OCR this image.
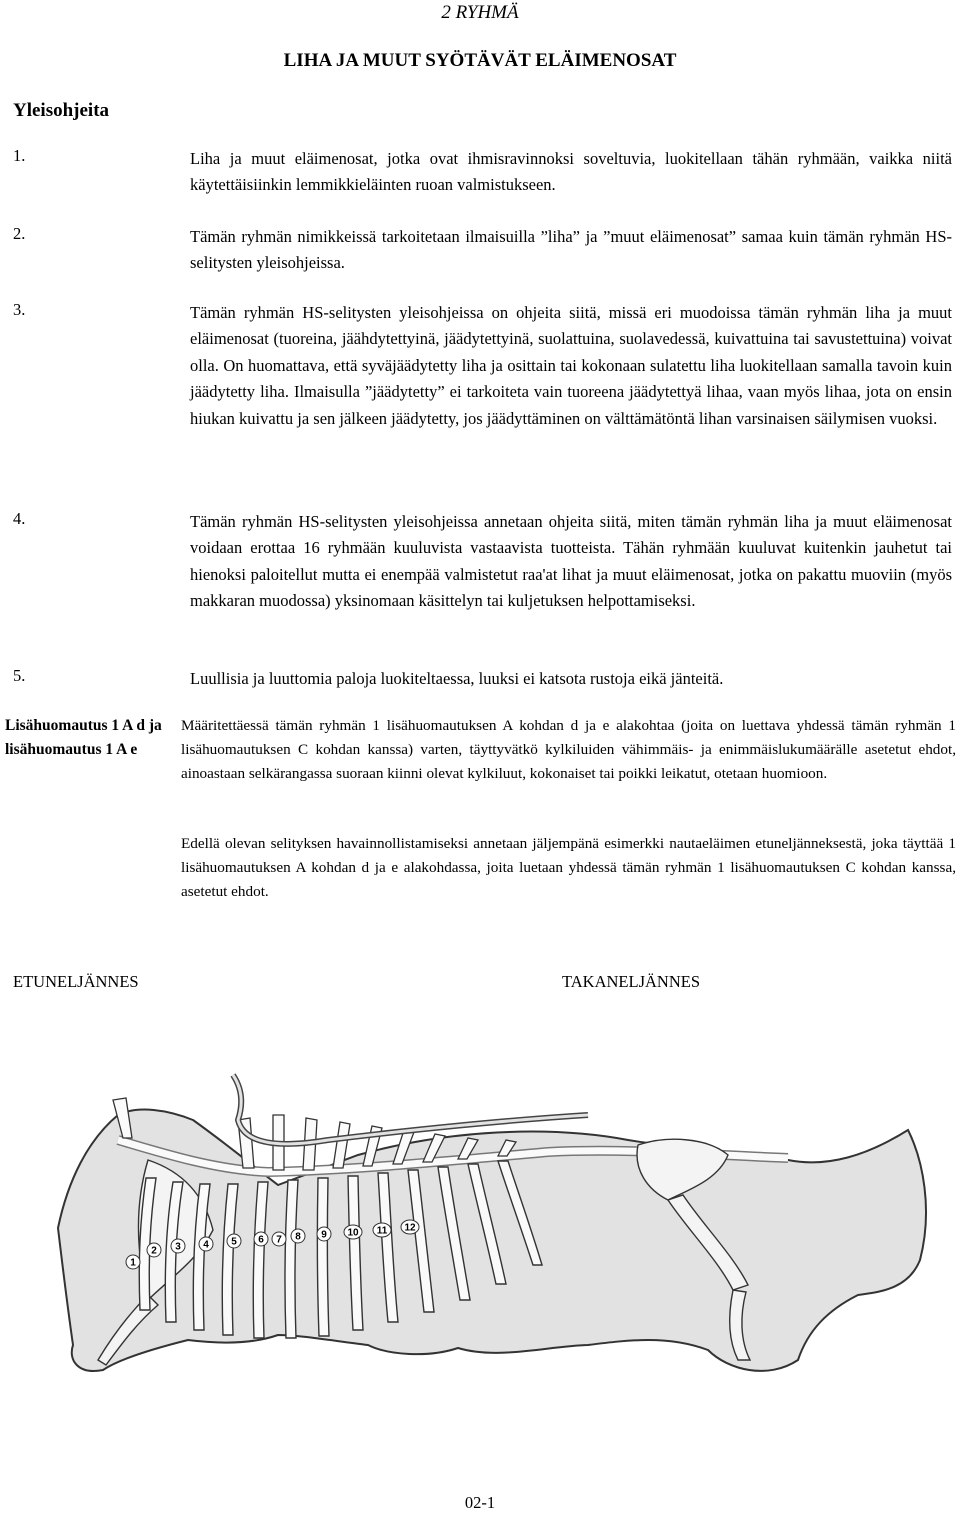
2 RYHMÄ
LIHA JA MUUT SYÖTÄVÄT ELÄIMENOSAT
Yleisohjeita
1.	Liha ja muut eläimenosat, jotka ovat ihmisravinnoksi soveltuvia, luokitellaan tähän ryhmään, vaikka niitä käytettäisiinkin lemmikkieläinten ruoan valmistukseen.
2.	Tämän ryhmän nimikkeissä tarkoitetaan ilmaisuilla ”liha” ja ”muut eläimenosat” samaa kuin tämän ryhmän HS-selitysten yleisohjeissa.
3.	Tämän ryhmän HS-selitysten yleisohjeissa on ohjeita siitä, missä eri muodoissa tämän ryhmän liha ja muut eläimenosat (tuoreina, jäähdytettyinä, jäädytettyinä, suolattuina, suolavedessä, kuivattuina tai savustettuina) voivat olla. On huomattava, että syväjäädytetty liha ja osittain tai kokonaan sulatettu liha luokitellaan samalla tavoin kuin jäädytetty liha. Ilmaisulla ”jäädytetty” ei tarkoiteta vain tuoreena jäädytettyä lihaa, vaan myös lihaa, jota on ensin hiukan kuivattu ja sen jälkeen jäädytetty, jos jäädyttäminen on välttämätöntä lihan varsinaisen säilymisen vuoksi.
4.	Tämän ryhmän HS-selitysten yleisohjeissa annetaan ohjeita siitä, miten tämän ryhmän liha ja muut eläimenosat voidaan erottaa 16 ryhmään kuuluvista vastaavista tuotteista. Tähän ryhmään kuuluvat kuitenkin jauhetut tai hienoksi paloitellut mutta ei enempää valmistetut raa'at lihat ja muut eläimenosat, jotka on pakattu muoviin (myös makkaran muodossa) yksinomaan käsittelyn tai kuljetuksen helpottamiseksi.
5.	Luullisia ja luuttomia paloja luokiteltaessa, luuksi ei katsota rustoja eikä jänteitä.
Lisähuomautus 1 A d ja lisähuomautus 1 A e
Määritettäessä tämän ryhmän 1 lisähuomautuksen A kohdan d ja e alakohtaa (joita on luettava yhdessä tämän ryhmän 1 lisähuomautuksen C kohdan kanssa) varten, täyttyvätkö kylkiluiden vähimmäis- ja enimmäislukumäärälle asetetut ehdot, ainoastaan selkärangassa suoraan kiinni olevat kylkiluut, kokonaiset tai poikki leikatut, otetaan huomioon.
Edellä olevan selityksen havainnollistamiseksi annetaan jäljempänä esimerkki nautaeläimen etuneljänneksestä, joka täyttää 1 lisähuomautuksen A kohdan d ja e alakohdassa, joita luetaan yhdessä tämän ryhmän 1 lisähuomautuksen C kohdan kanssa, asetetut ehdot.
ETUNELJÄNNES	TAKANELJÄNNES
1
2 3 4 5 6 7 8 9 10 11 12
02-1
